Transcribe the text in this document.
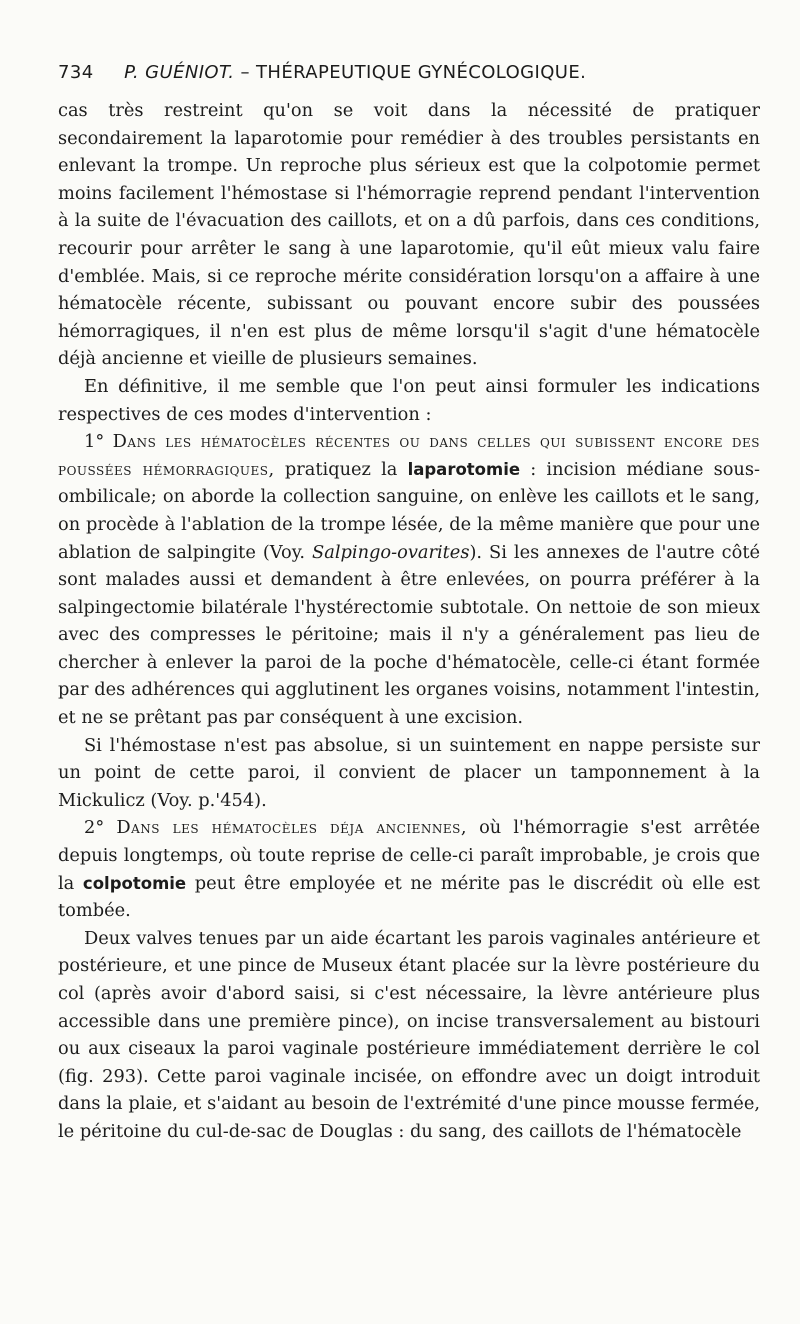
734 P. GUÉNIOT. – THÉRAPEUTIQUE GYNÉCOLOGIQUE.

cas très restreint qu'on se voit dans la nécessité de pratiquer secondairement la laparotomie pour remédier à des troubles persistants en enlevant la trompe. Un reproche plus sérieux est que la colpotomie permet moins facilement l'hémostase si l'hémorragie reprend pendant l'intervention à la suite de l'évacuation des caillots, et on a dû parfois, dans ces conditions, recourir pour arrêter le sang à une laparotomie, qu'il eût mieux valu faire d'emblée. Mais, si ce reproche mérite considération lorsqu'on a affaire à une hématocèle récente, subissant ou pouvant encore subir des poussées hémorragiques, il n'en est plus de même lorsqu'il s'agit d'une hématocèle déjà ancienne et vieille de plusieurs semaines.

En définitive, il me semble que l'on peut ainsi formuler les indications respectives de ces modes d'intervention :

1° Dans les hématocèles récentes ou dans celles qui subissent encore des poussées hémorragiques, pratiquez la laparotomie : incision médiane sous-ombilicale; on aborde la collection sanguine, on enlève les caillots et le sang, on procède à l'ablation de la trompe lésée, de la même manière que pour une ablation de salpingite (Voy. Salpingo-ovarites). Si les annexes de l'autre côté sont malades aussi et demandent à être enlevées, on pourra préférer à la salpingectomie bilatérale l'hystérectomie subtotale. On nettoie de son mieux avec des compresses le péritoine; mais il n'y a généralement pas lieu de chercher à enlever la paroi de la poche d'hématocèle, celle-ci étant formée par des adhérences qui agglutinent les organes voisins, notamment l'intestin, et ne se prêtant pas par conséquent à une excision.

Si l'hémostase n'est pas absolue, si un suintement en nappe persiste sur un point de cette paroi, il convient de placer un tamponnement à la Mickulicz (Voy. p.'454).

2° Dans les hématocèles déja anciennes, où l'hémorragie s'est arrêtée depuis longtemps, où toute reprise de celle-ci paraît improbable, je crois que la colpotomie peut être employée et ne mérite pas le discrédit où elle est tombée.

Deux valves tenues par un aide écartant les parois vaginales antérieure et postérieure, et une pince de Museux étant placée sur la lèvre postérieure du col (après avoir d'abord saisi, si c'est nécessaire, la lèvre antérieure plus accessible dans une première pince), on incise transversalement au bistouri ou aux ciseaux la paroi vaginale postérieure immédiatement derrière le col (fig. 293). Cette paroi vaginale incisée, on effondre avec un doigt introduit dans la plaie, et s'aidant au besoin de l'extrémité d'une pince mousse fermée, le péritoine du cul-de-sac de Douglas : du sang, des caillots de l'hématocèle
